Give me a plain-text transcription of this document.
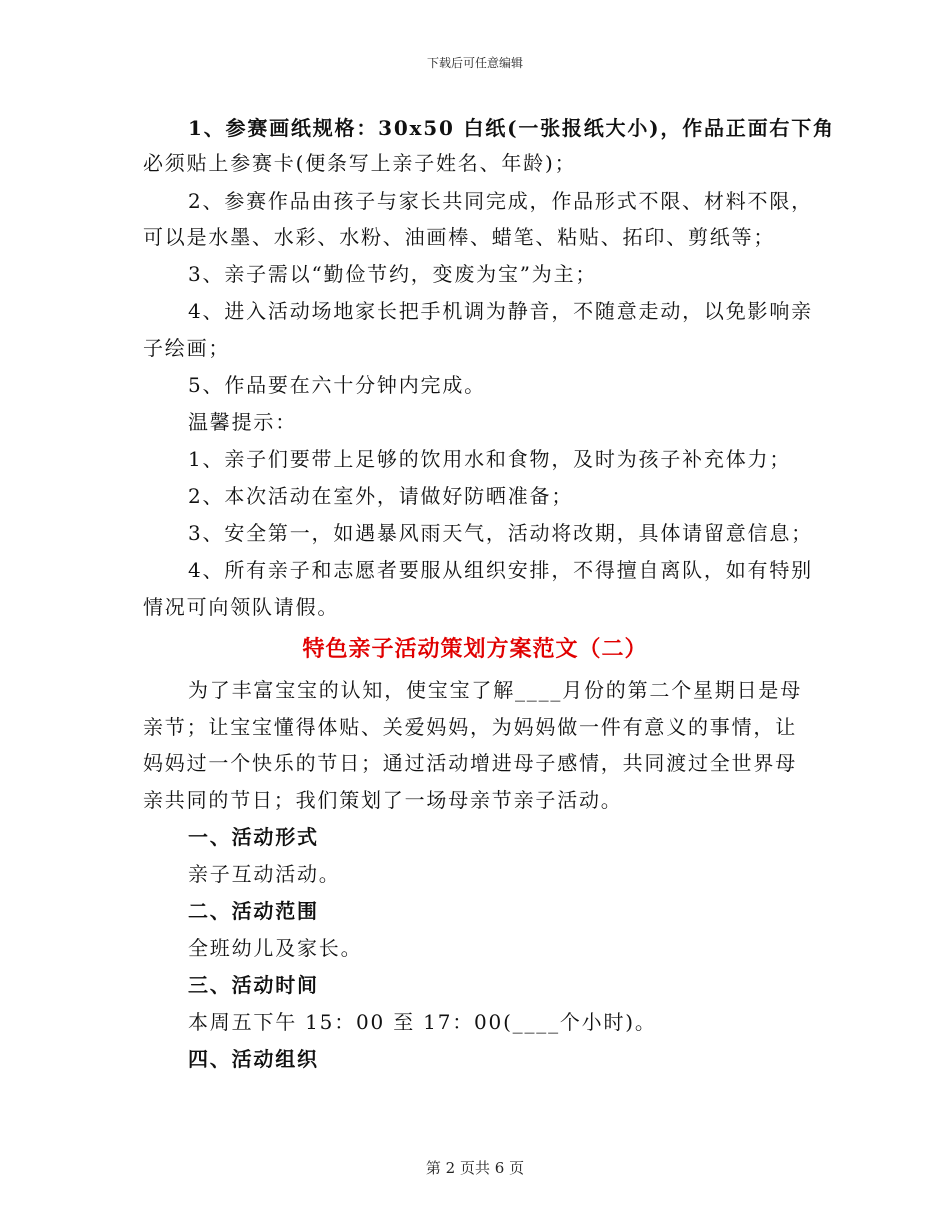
下载后可任意编辑
1、参赛画纸规格：30x50 白纸(一张报纸大小)，作品正面右下角
必须贴上参赛卡(便条写上亲子姓名、年龄)；
2、参赛作品由孩子与家长共同完成，作品形式不限、材料不限，
可以是水墨、水彩、水粉、油画棒、蜡笔、粘贴、拓印、剪纸等；
3、亲子需以“勤俭节约，变废为宝”为主；
4、进入活动场地家长把手机调为静音，不随意走动，以免影响亲
子绘画；
5、作品要在六十分钟内完成。
温馨提示：
1、亲子们要带上足够的饮用水和食物，及时为孩子补充体力；
2、本次活动在室外，请做好防晒准备；
3、安全第一，如遇暴风雨天气，活动将改期，具体请留意信息；
4、所有亲子和志愿者要服从组织安排，不得擅自离队，如有特别
情况可向领队请假。
特色亲子活动策划方案范文（二）
为了丰富宝宝的认知，使宝宝了解____月份的第二个星期日是母
亲节；让宝宝懂得体贴、关爱妈妈，为妈妈做一件有意义的事情，让
妈妈过一个快乐的节日；通过活动增进母子感情，共同渡过全世界母
亲共同的节日；我们策划了一场母亲节亲子活动。
一、活动形式
亲子互动活动。
二、活动范围
全班幼儿及家长。
三、活动时间
本周五下午 15：00 至 17：00(____个小时)。
四、活动组织
第 2 页共 6 页
